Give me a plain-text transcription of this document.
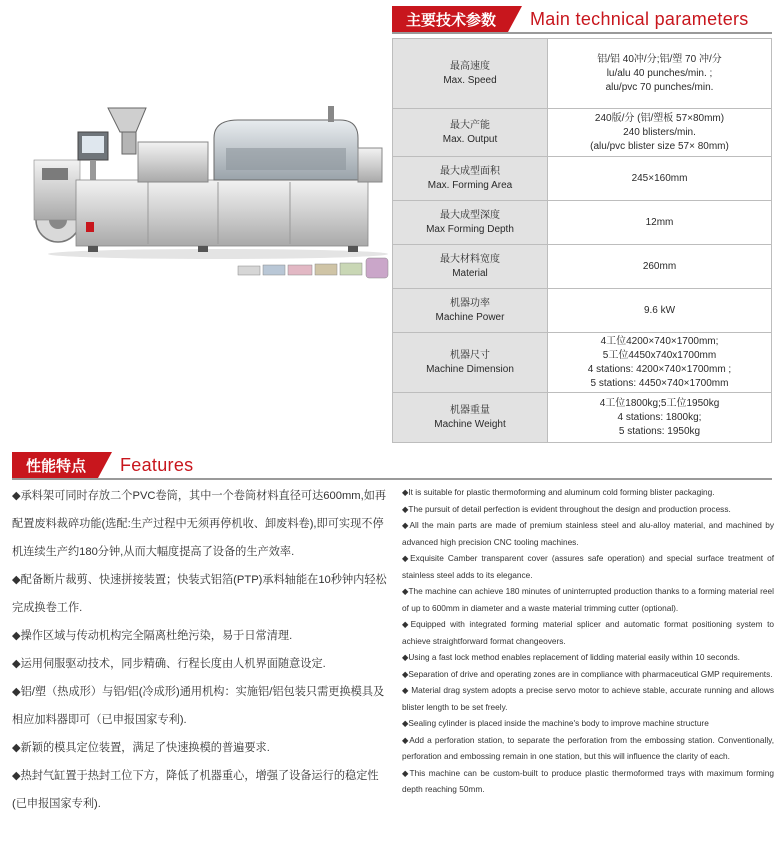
主要技术参数	Main technical parameters
最高速度
Max. Speed	铝/铝 40冲/分;铝/塑 70 冲/分
lu/alu 40 punches/min. ;
alu/pvc 70 punches/min.

最大产能
Max. Output	240版/分 (铝/塑板 57×80mm)
240 blisters/min.
(alu/pvc blister size 57× 80mm)

最大成型面积
Max. Forming Area	245×160mm

最大成型深度
Max Forming Depth	12mm

最大材料宽度
Material	260mm

机器功率
Machine Power	9.6 kW

机器尺寸
Machine Dimension	4工位4200×740×1700mm;
5工位4450x740x1700mm
4 stations: 4200×740×1700mm ;
5 stations: 4450×740×1700mm

机器重量
Machine Weight	4工位1800kg;5工位1950kg
4 stations: 1800kg;
5 stations: 1950kg
性能特点	Features

◆承料架可同时存放二个PVC卷筒，其中一个卷筒材料直径可达600mm,如再配置废料裁碎功能(选配:生产过程中无须再停机收、卸废料卷),即可实现不停机连续生产约180分钟,从而大幅度提高了设备的生产效率.

◆配备断片裁剪、快速拼接装置；快装式铝箔(PTP)承料轴能在10秒钟内轻松完成换卷工作.

◆操作区域与传动机构完全隔离杜绝污染，易于日常清理.

◆运用伺服驱动技术，同步精确、行程长度由人机界面随意设定.

◆铝/塑（热成形）与铝/铝(冷成形)通用机构：实施铝/铝包装只需更换模具及相应加料器即可（已申报国家专利).

◆新颖的模具定位装置，满足了快速换模的普遍要求.

◆热封气缸置于热封工位下方，降低了机器重心，增强了设备运行的稳定性(已申报国家专利).

◆It is suitable for plastic thermoforming and aluminum cold forming blister packaging.

◆The pursuit of detail perfection is evident throughout the design and production process.

◆All the main parts are made of premium stainless steel and alu-alloy material, and machined by advanced high precision CNC tooling machines.

◆Exquisite Camber transparent cover (assures safe operation) and special surface treatment of stainless steel adds to its elegance.

◆The machine can achieve 180 minutes of uninterrupted production thanks to a forming material reel of up to 600mm in diameter and a waste material trimming cutter (optional).

◆Equipped with integrated forming material splicer and automatic format positioning system to achieve straightforward format changeovers.

◆Using a fast lock method enables replacement of lidding material easily within 10 seconds.

◆Separation of drive and operating zones are in compliance with pharmaceutical GMP requirements.

◆ Material drag system adopts a precise servo motor to achieve stable, accurate running and allows blister length to be set freely.

◆Sealing cylinder is placed inside the machine's body to improve machine structure

◆Add a perforation station, to separate the perforation from the embossing station. Conventionally, perforation and embossing remain in one station, but this will influence the clarity of each.

◆This machine can be custom-built to produce plastic thermoformed trays with maximum forming depth reaching 50mm.
